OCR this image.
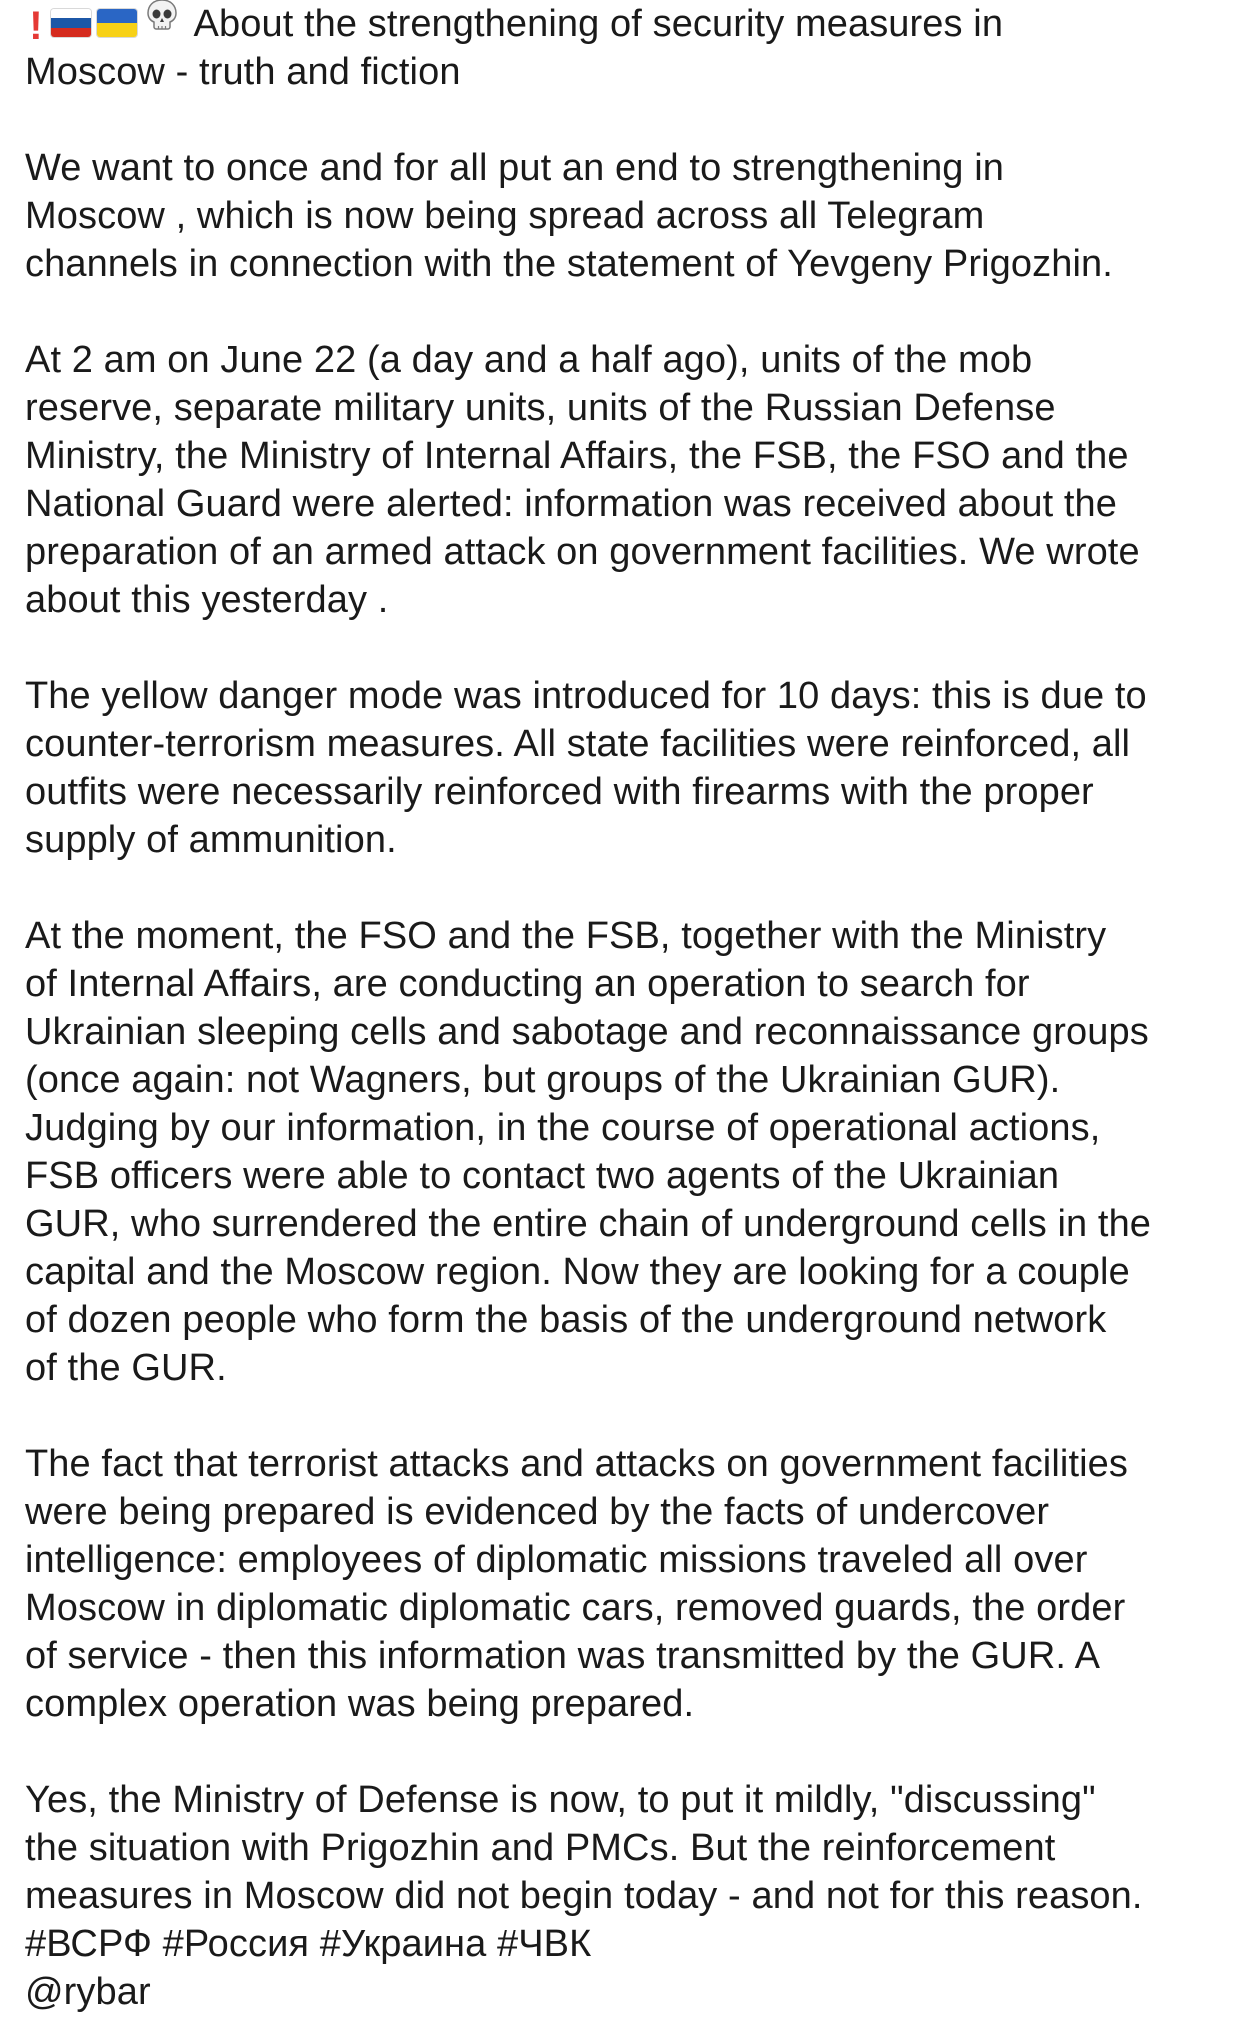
!	About the strengthening of security measures in
Moscow - truth and fiction
We want to once and for all put an end to strengthening in
Moscow , which is now being spread across all Telegram
channels in connection with the statement of Yevgeny Prigozhin.
At 2 am on June 22 (a day and a half ago), units of the mob
reserve, separate military units, units of the Russian Defense
Ministry, the Ministry of Internal Affairs, the FSB, the FSO and the
National Guard were alerted: information was received about the
preparation of an armed attack on government facilities. We wrote
about this yesterday .
The yellow danger mode was introduced for 10 days: this is due to
counter-terrorism measures. All state facilities were reinforced, all
outfits were necessarily reinforced with firearms with the proper
supply of ammunition.
At the moment, the FSO and the FSB, together with the Ministry
of Internal Affairs, are conducting an operation to search for
Ukrainian sleeping cells and sabotage and reconnaissance groups
(once again: not Wagners, but groups of the Ukrainian GUR).
Judging by our information, in the course of operational actions,
FSB officers were able to contact two agents of the Ukrainian
GUR, who surrendered the entire chain of underground cells in the
capital and the Moscow region. Now they are looking for a couple
of dozen people who form the basis of the underground network
of the GUR.
The fact that terrorist attacks and attacks on government facilities
were being prepared is evidenced by the facts of undercover
intelligence: employees of diplomatic missions traveled all over
Moscow in diplomatic diplomatic cars, removed guards, the order
of service - then this information was transmitted by the GUR. A
complex operation was being prepared.
Yes, the Ministry of Defense is now, to put it mildly, "discussing"
the situation with Prigozhin and PMCs. But the reinforcement
measures in Moscow did not begin today - and not for this reason.
#ВСРФ #Россия #Украина #ЧВК
@rybar
